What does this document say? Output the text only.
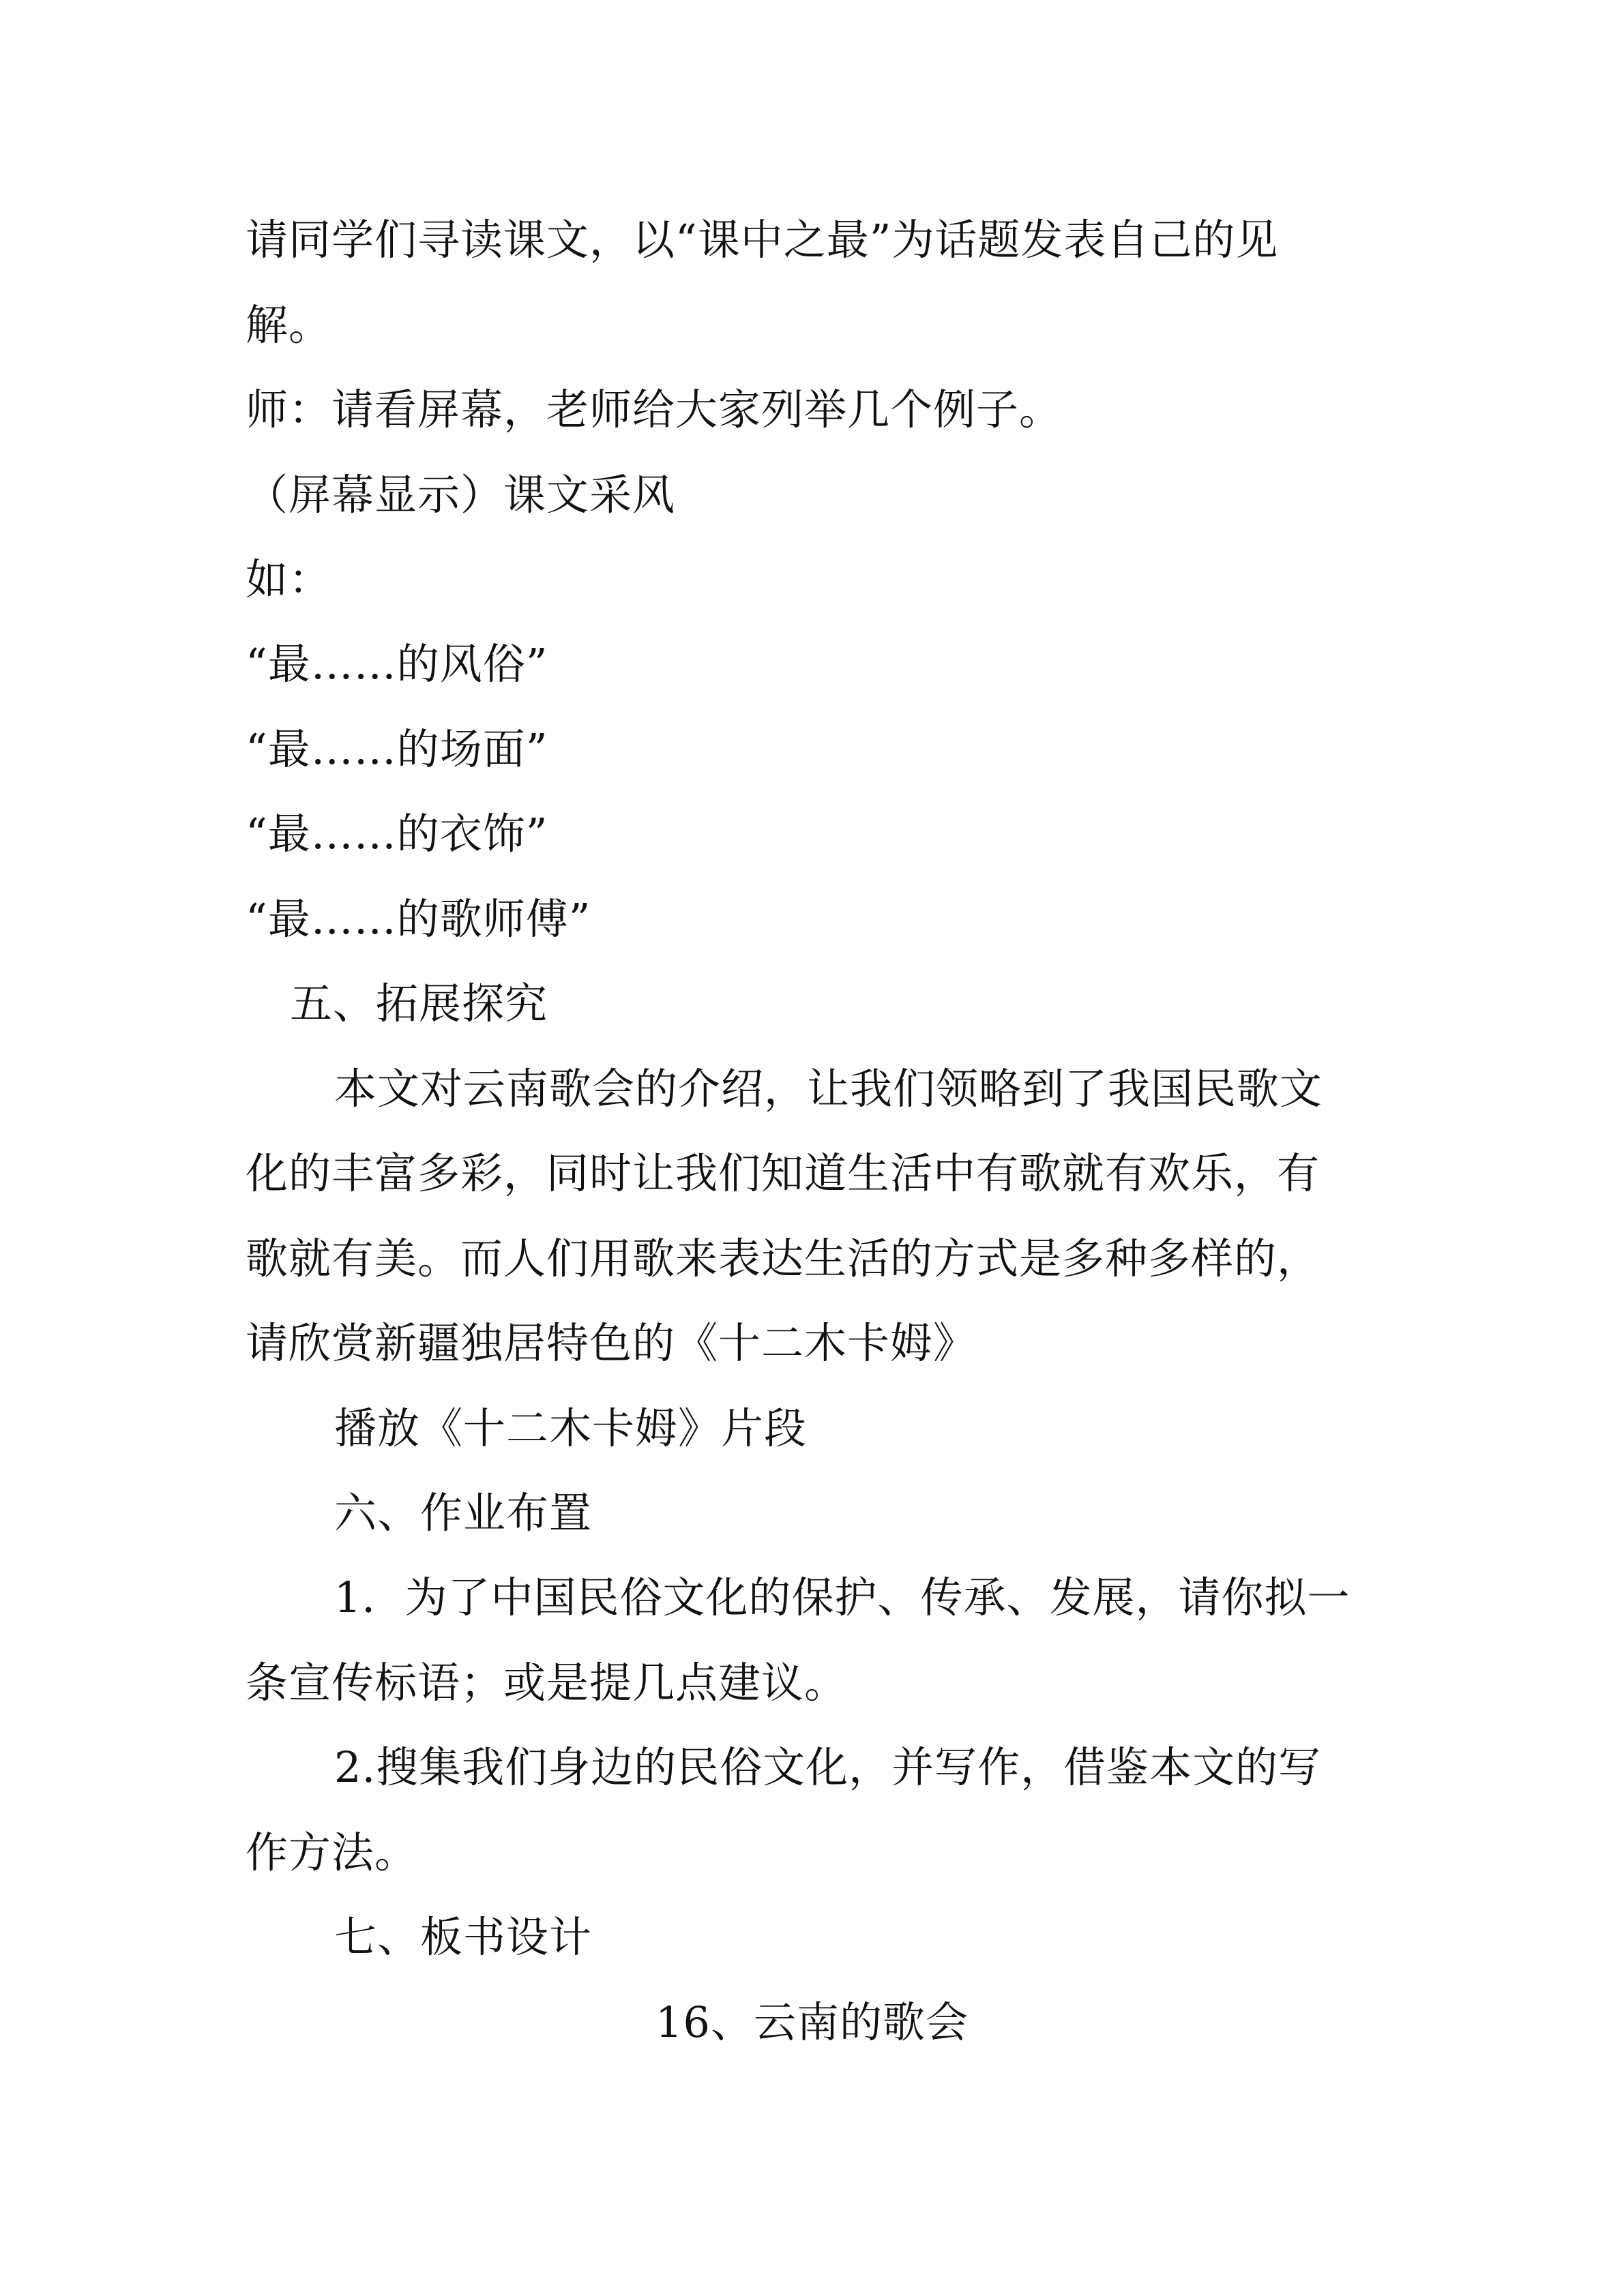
请同学们寻读课文，以“课中之最”为话题发表自己的见
解。
师：请看屏幕，老师给大家列举几个例子。
（屏幕显示）课文采风
如：
“最……的风俗”
“最……的场面”
“最……的衣饰”
“最……的歌师傅”
五、拓展探究
本文对云南歌会的介绍，让我们领略到了我国民歌文
化的丰富多彩，同时让我们知道生活中有歌就有欢乐，有
歌就有美。而人们用歌来表达生活的方式是多种多样的，
请欣赏新疆独居特色的《十二木卡姆》
播放《十二木卡姆》片段
六、作业布置
1．为了中国民俗文化的保护、传承、发展，请你拟一
条宣传标语；或是提几点建议。
2.搜集我们身边的民俗文化，并写作，借鉴本文的写
作方法。
七、板书设计
16、云南的歌会
